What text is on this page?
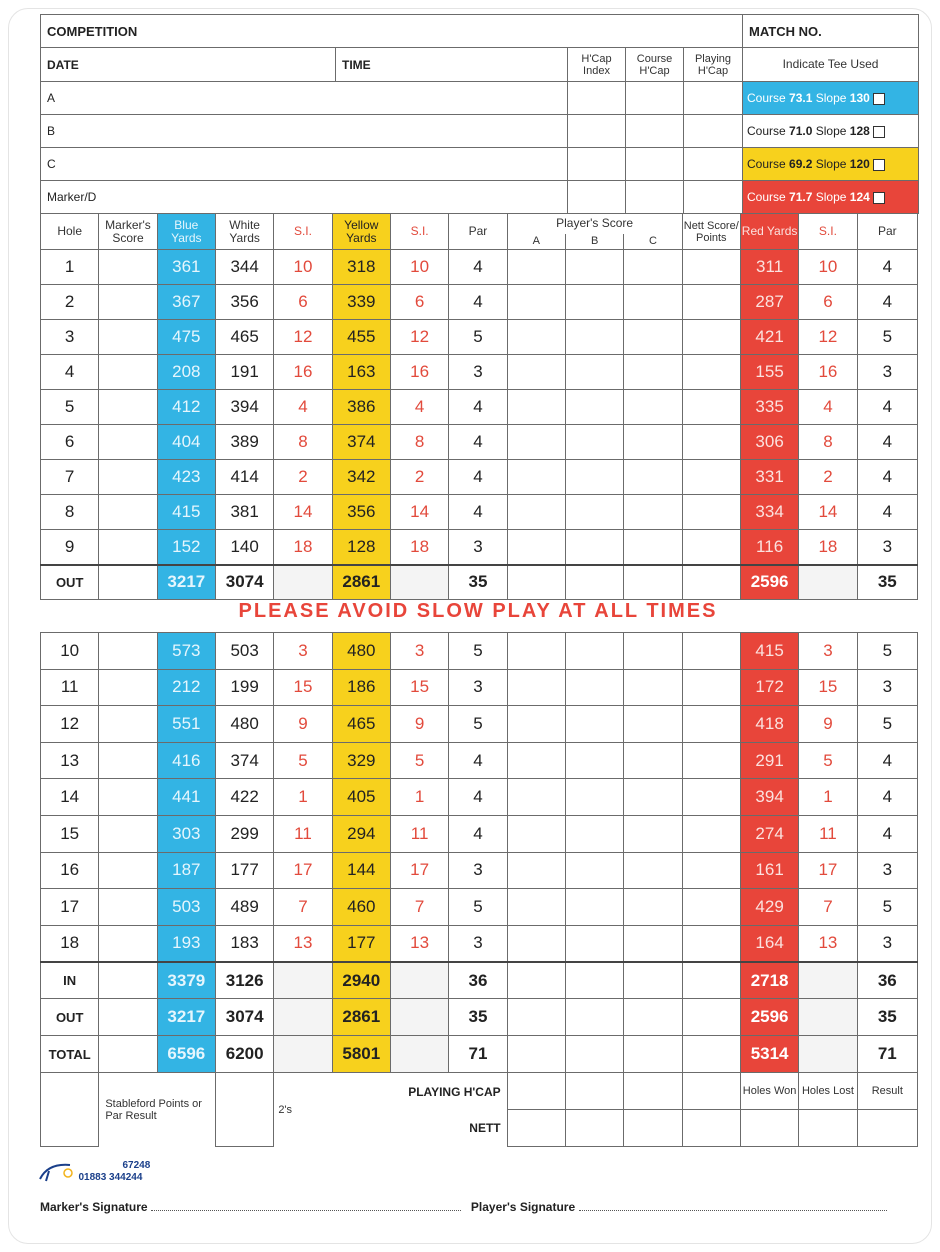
COMPETITION					MATCH NO.
DATE	TIME	H'Cap Index	Course H'Cap	Playing H'Cap	Indicate Tee Used
A					Course 73.1 Slope 130
B					Course 71.0 Slope 128
C					Course 69.2 Slope 120
Marker/D					Course 71.7 Slope 124
Hole	Marker's Score	Blue Yards	White Yards	S.I.	Yellow Yards	S.I.	Par	Player's Score			Nett Score/ Points	Red Yards	S.I.	Par
								A	B	C				
1		361	344	10	318	10	4					311	10	4
2		367	356	6	339	6	4					287	6	4
3		475	465	12	455	12	5					421	12	5
4		208	191	16	163	16	3					155	16	3
5		412	394	4	386	4	4					335	4	4
6		404	389	8	374	8	4					306	8	4
7		423	414	2	342	2	4					331	2	4
8		415	381	14	356	14	4					334	14	4
9		152	140	18	128	18	3					116	18	3
OUT		3217	3074		2861		35					2596		35
PLEASE AVOID SLOW PLAY AT ALL TIMES
10		573	503	3	480	3	5					415	3	5
11		212	199	15	186	15	3					172	15	3
12		551	480	9	465	9	5					418	9	5
13		416	374	5	329	5	4					291	5	4
14		441	422	1	405	1	4					394	1	4
15		303	299	11	294	11	4					274	11	4
16		187	177	17	144	17	3					161	17	3
17		503	489	7	460	7	5					429	7	5
18		193	183	13	177	13	3					164	13	3
IN		3379	3126		2940		36					2718		36
OUT		3217	3074		2861		35					2596		35
TOTAL		6596	6200		5801		71					5314		71
	Stableford Points or Par Result			2's	PLAYING H'CAP							Holes Won	Holes Lost	Result
					NETT									

67248
01883 344244
Marker's Signature	Player's Signature
